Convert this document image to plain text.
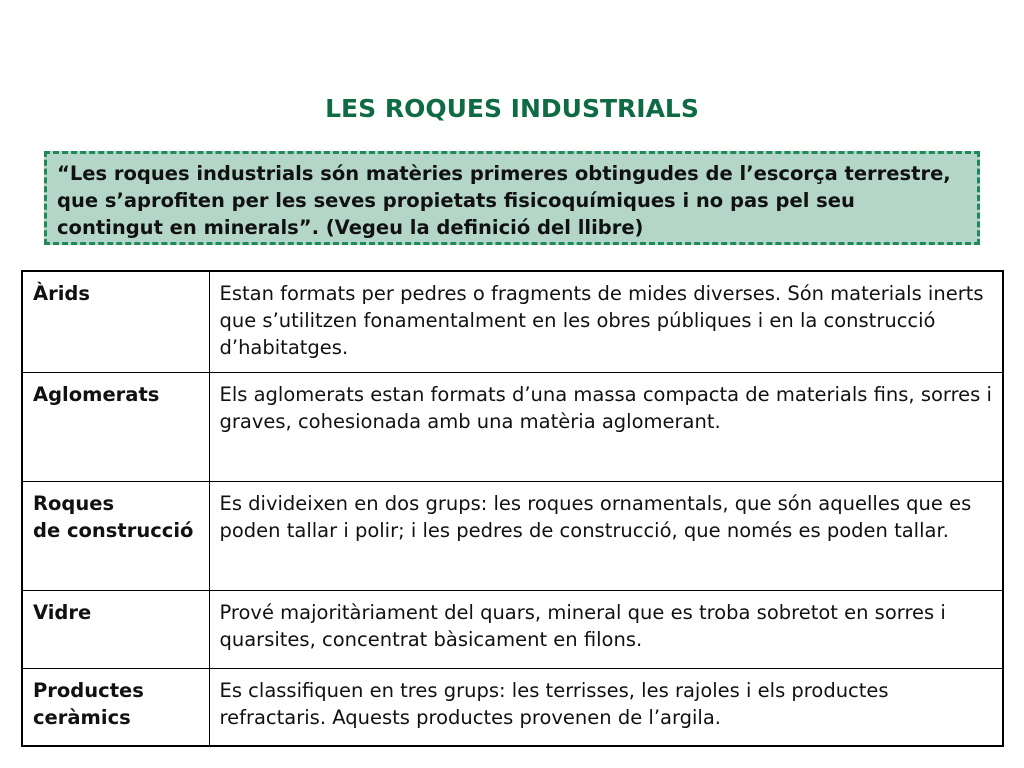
LES ROQUES INDUSTRIALS
“Les roques industrials són matèries primeres obtingudes de l’escorça terrestre, que s’aprofiten per les seves propietats fisicoquímiques i no pas pel seu contingut en minerals”. (Vegeu la definició del llibre)
Àrids	Estan formats per pedres o fragments de mides diverses. Són materials inerts que s’utilitzen fonamentalment en les obres públiques i en la construcció d’habitatges.

Aglomerats	Els aglomerats estan formats d’una massa compacta de materials fins, sorres i graves, cohesionada amb una matèria aglomerant.

Roques
de construcció	Es divideixen en dos grups: les roques ornamentals, que són aquelles que es poden tallar i polir; i les pedres de construcció, que només es poden tallar.

Vidre	Prové majoritàriament del quars, mineral que es troba sobretot en sorres i quarsites, concentrat bàsicament en filons.

Productes
ceràmics	Es classifiquen en tres grups: les terrisses, les rajoles i els productes refractaris. Aquests productes provenen de l’argila.
